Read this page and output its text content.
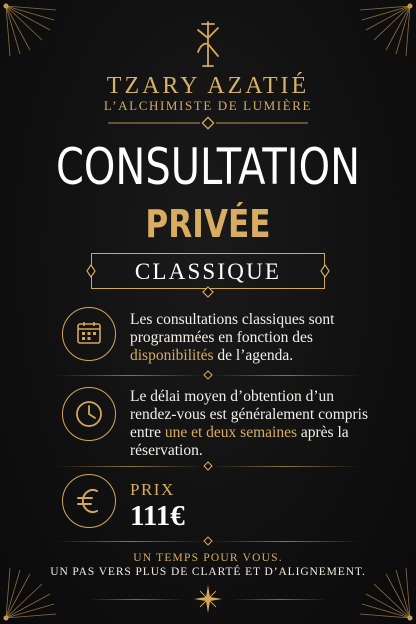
TZARY AZATIÉ
L’ALCHIMISTE DE LUMIÈRE
CONSULTATION
PRIVÉE
CLASSIQUE
Les consultations classiques sont programmées en fonction des disponibilités de l’agenda.
Le délai moyen d’obtention d’un rendez-vous est généralement compris entre une et deux semaines après la réservation.
PRIX
111€
UN TEMPS POUR VOUS.
UN PAS VERS PLUS DE CLARTÉ ET D’ALIGNEMENT.
